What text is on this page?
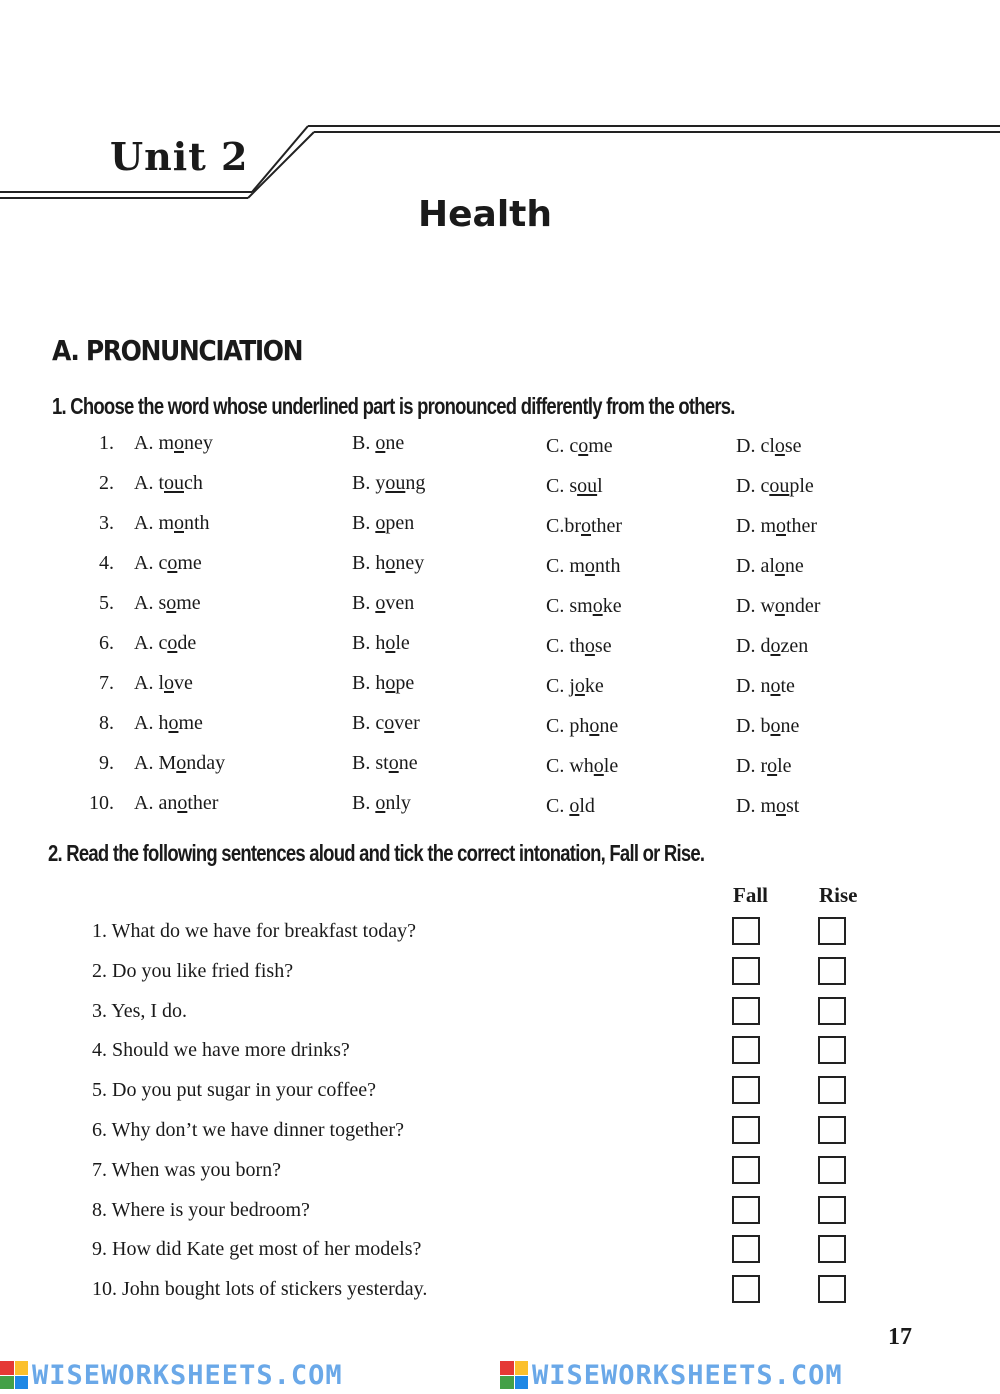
Unit 2
Health
A. PRONUNCIATION
1. Choose the word whose underlined part is pronounced differently from the others.
1. A. money	B. one	C. come	D. close
2. A. touch	B. young	C. soul	D. couple
3. A. month	B. open	C.brother	D. mother
4. A. come	B. honey	C. month	D. alone
5. A. some	B. oven	C. smoke	D. wonder
6. A. code	B. hole	C. those	D. dozen
7. A. love	B. hope	C. joke	D. note
8. A. home	B. cover	C. phone	D. bone
9. A. Monday	B. stone	C. whole	D. role
10. A. another	B. only	C. old	D. most
2. Read the following sentences aloud and tick the correct intonation, Fall or Rise.
Fall Rise
1. What do we have for breakfast today?
2. Do you like fried fish?
3. Yes, I do.
4. Should we have more drinks?
5. Do you put sugar in your coffee?
6. Why don’t we have dinner together?
7. When was you born?
8. Where is your bedroom?
9. How did Kate get most of her models?
10. John bought lots of stickers yesterday.
17
WISEWORKSHEETS.COM	WISEWORKSHEETS.COM
